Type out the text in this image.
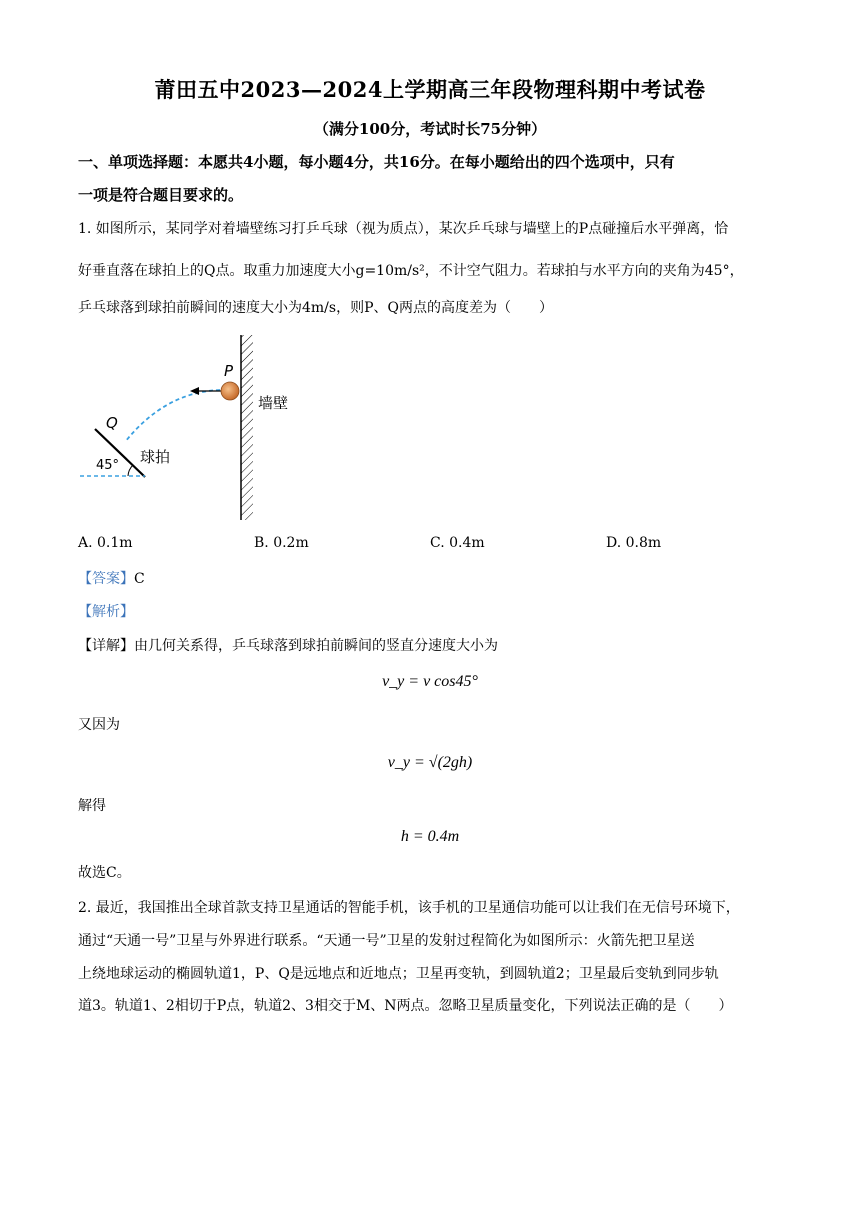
莆田五中2023—2024上学期高三年段物理科期中考试卷
（满分100分，考试时长75分钟）
一、单项选择题：本愿共4小题，每小题4分，共16分。在每小题给出的四个选项中，只有
一项是符合题目要求的。
1. 如图所示，某同学对着墙壁练习打乒乓球（视为质点），某次乒乓球与墙壁上的P点碰撞后水平弹离，恰
好垂直落在球拍上的Q点。取重力加速度大小g=10m/s²，不计空气阻力。若球拍与水平方向的夹角为45°，
乒乓球落到球拍前瞬间的速度大小为4m/s，则P、Q两点的高度差为（　　）
P
墙壁
Q
球拍
45°
A. 0.1m	B. 0.2m	C. 0.4m	D. 0.8m
【答案】C
【解析】
【详解】由几何关系得，乒乓球落到球拍前瞬间的竖直分速度大小为
v_y = v cos45°
又因为
v_y = √(2gh)
解得
h = 0.4m
故选C。
2. 最近，我国推出全球首款支持卫星通话的智能手机，该手机的卫星通信功能可以让我们在无信号环境下，
通过“天通一号”卫星与外界进行联系。“天通一号”卫星的发射过程简化为如图所示：火箭先把卫星送
上绕地球运动的椭圆轨道1，P、Q是远地点和近地点；卫星再变轨，到圆轨道2；卫星最后变轨到同步轨
道3。轨道1、2相切于P点，轨道2、3相交于M、N两点。忽略卫星质量变化，下列说法正确的是（　　）
